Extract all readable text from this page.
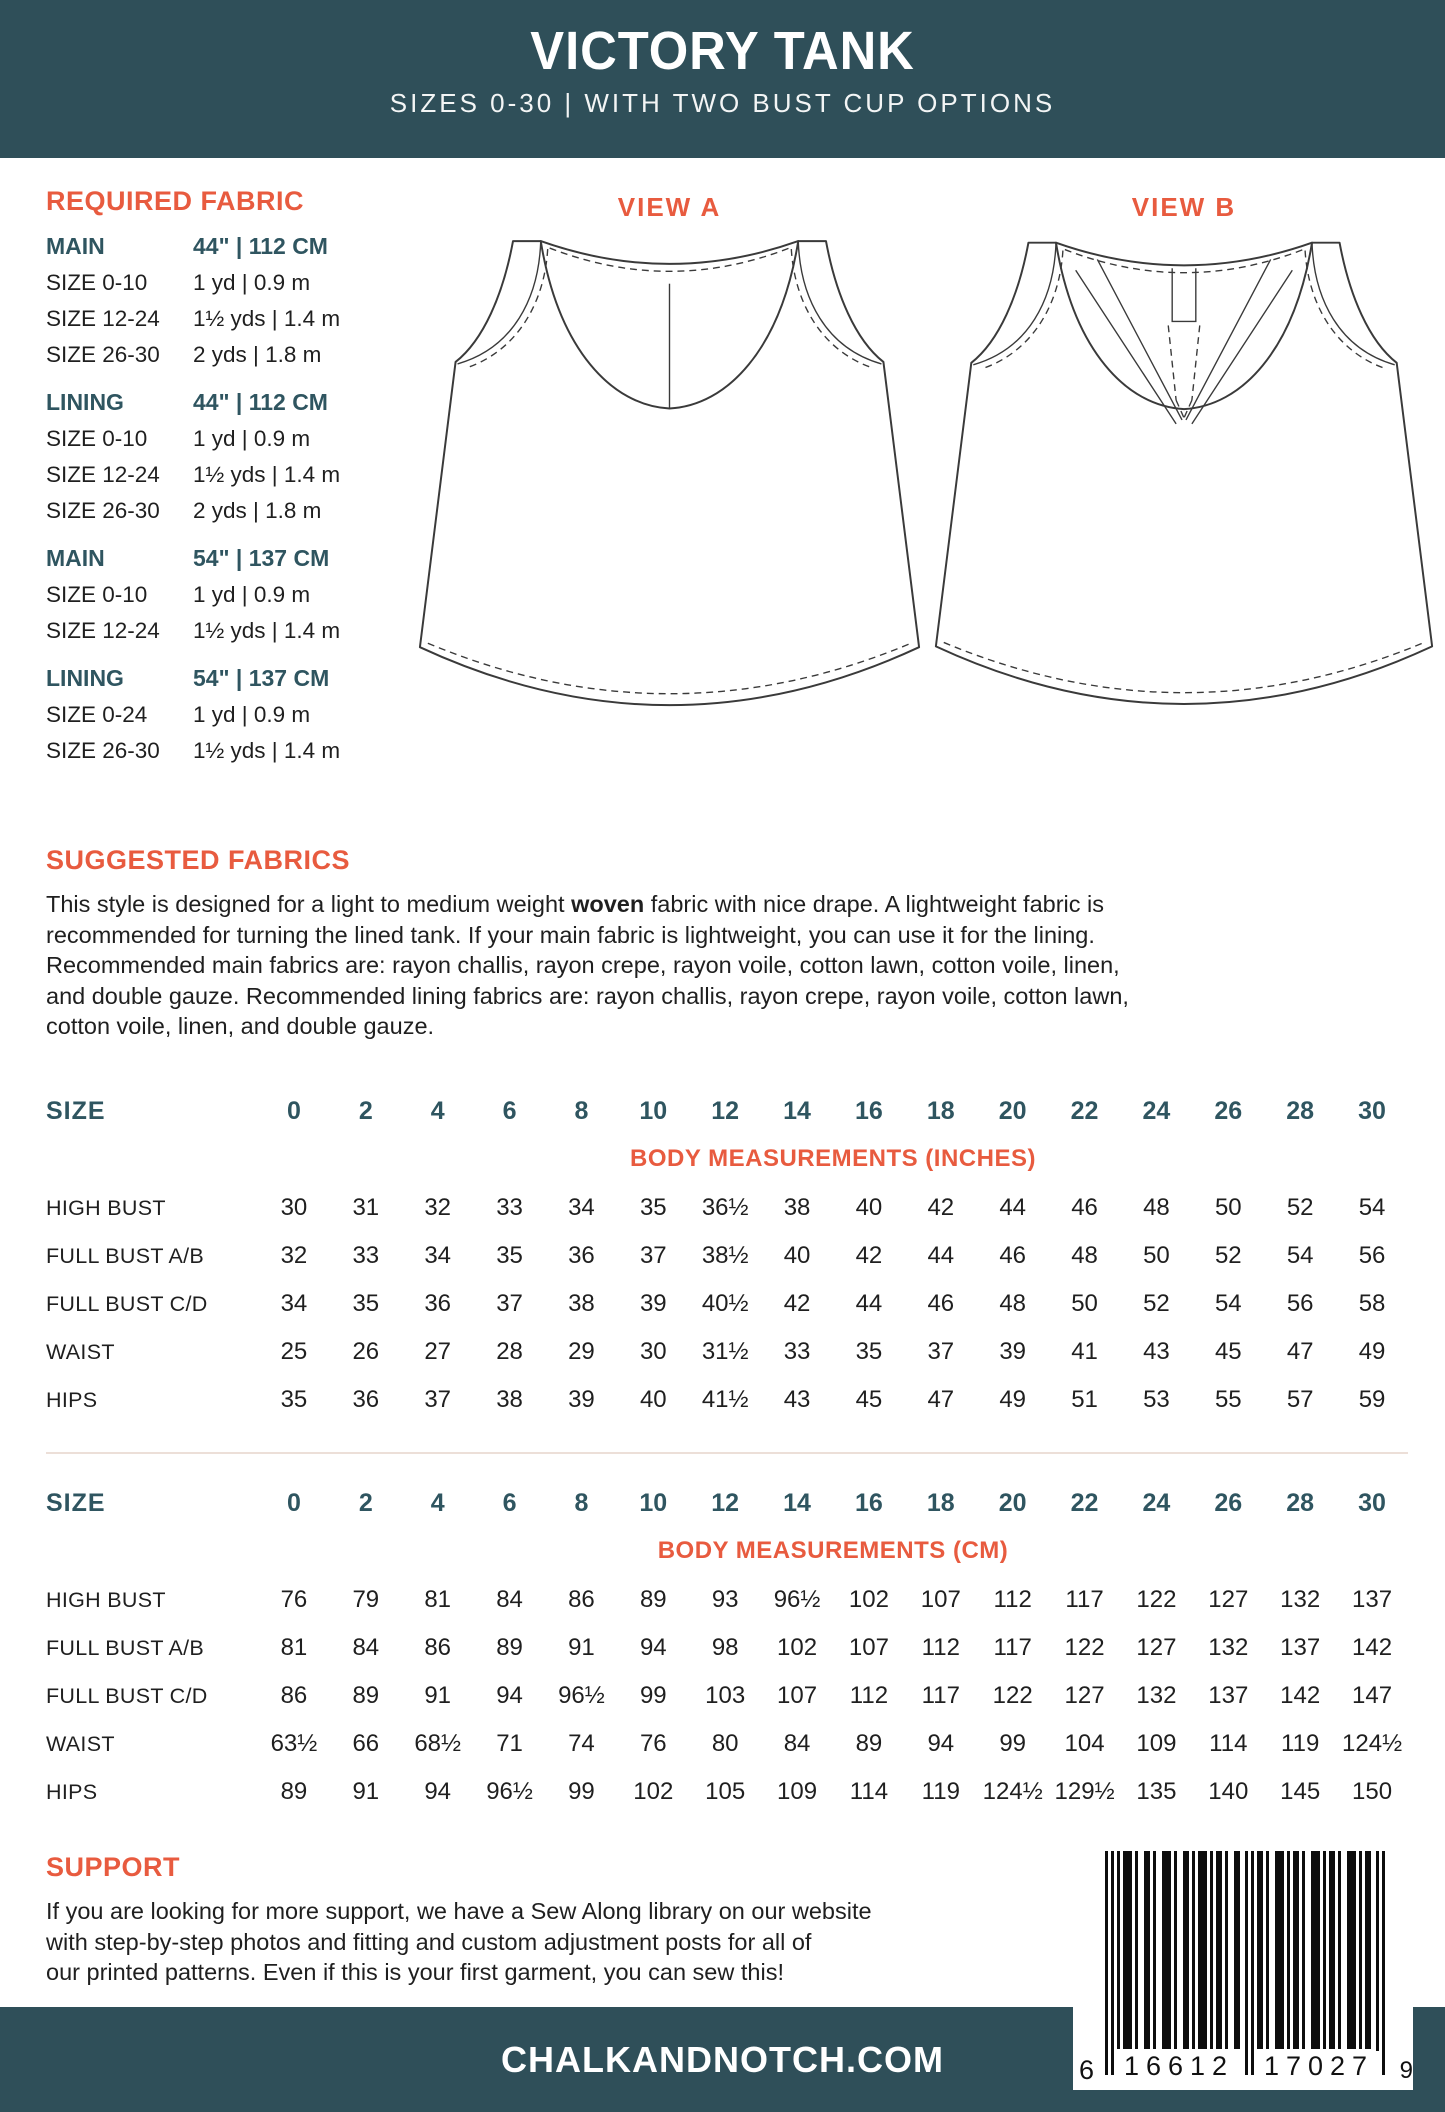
VICTORY TANK
SIZES 0-30 | WITH TWO BUST CUP OPTIONS
REQUIRED FABRIC
MAIN	44" | 112 CM
SIZE 0-10	1 yd | 0.9 m
SIZE 12-24	1½ yds | 1.4 m
SIZE 26-30	2 yds | 1.8 m
LINING	44" | 112 CM
SIZE 0-10	1 yd | 0.9 m
SIZE 12-24	1½ yds | 1.4 m
SIZE 26-30	2 yds | 1.8 m
MAIN	54" | 137 CM
SIZE 0-10	1 yd | 0.9 m
SIZE 12-24	1½ yds | 1.4 m
LINING	54" | 137 CM
SIZE 0-24	1 yd | 0.9 m
SIZE 26-30	1½ yds | 1.4 m
VIEW A	VIEW B
SUGGESTED FABRICS
This style is designed for a light to medium weight woven fabric with nice drape. A lightweight fabric is
recommended for turning the lined tank. If your main fabric is lightweight, you can use it for the lining.
Recommended main fabrics are: rayon challis, rayon crepe, rayon voile, cotton lawn, cotton voile, linen,
and double gauze. Recommended lining fabrics are: rayon challis, rayon crepe, rayon voile, cotton lawn,
cotton voile, linen, and double gauze.
SIZE	0	2	4	6	8	10	12	14	16	18	20	22	24	26	28	30
BODY MEASUREMENTS (INCHES)
HIGH BUST	30	31	32	33	34	35	36½	38	40	42	44	46	48	50	52	54
FULL BUST A/B	32	33	34	35	36	37	38½	40	42	44	46	48	50	52	54	56
FULL BUST C/D	34	35	36	37	38	39	40½	42	44	46	48	50	52	54	56	58
WAIST	25	26	27	28	29	30	31½	33	35	37	39	41	43	45	47	49
HIPS	35	36	37	38	39	40	41½	43	45	47	49	51	53	55	57	59
SIZE	0	2	4	6	8	10	12	14	16	18	20	22	24	26	28	30
BODY MEASUREMENTS (CM)
HIGH BUST	76	79	81	84	86	89	93	96½	102	107	112	117	122	127	132	137
FULL BUST A/B	81	84	86	89	91	94	98	102	107	112	117	122	127	132	137	142
FULL BUST C/D	86	89	91	94	96½	99	103	107	112	117	122	127	132	137	142	147
WAIST	63½	66	68½	71	74	76	80	84	89	94	99	104	109	114	119 124½
HIPS	89	91	94	96½	99	102	105	109	114	119 124½ 129½ 135	140	145	150
SUPPORT
If you are looking for more support, we have a Sew Along library on our website
with step-by-step photos and fitting and custom adjustment posts for all of
our printed patterns. Even if this is your first garment, you can sew this!
CHALKANDNOTCH.COM	6 16612 17027 9
